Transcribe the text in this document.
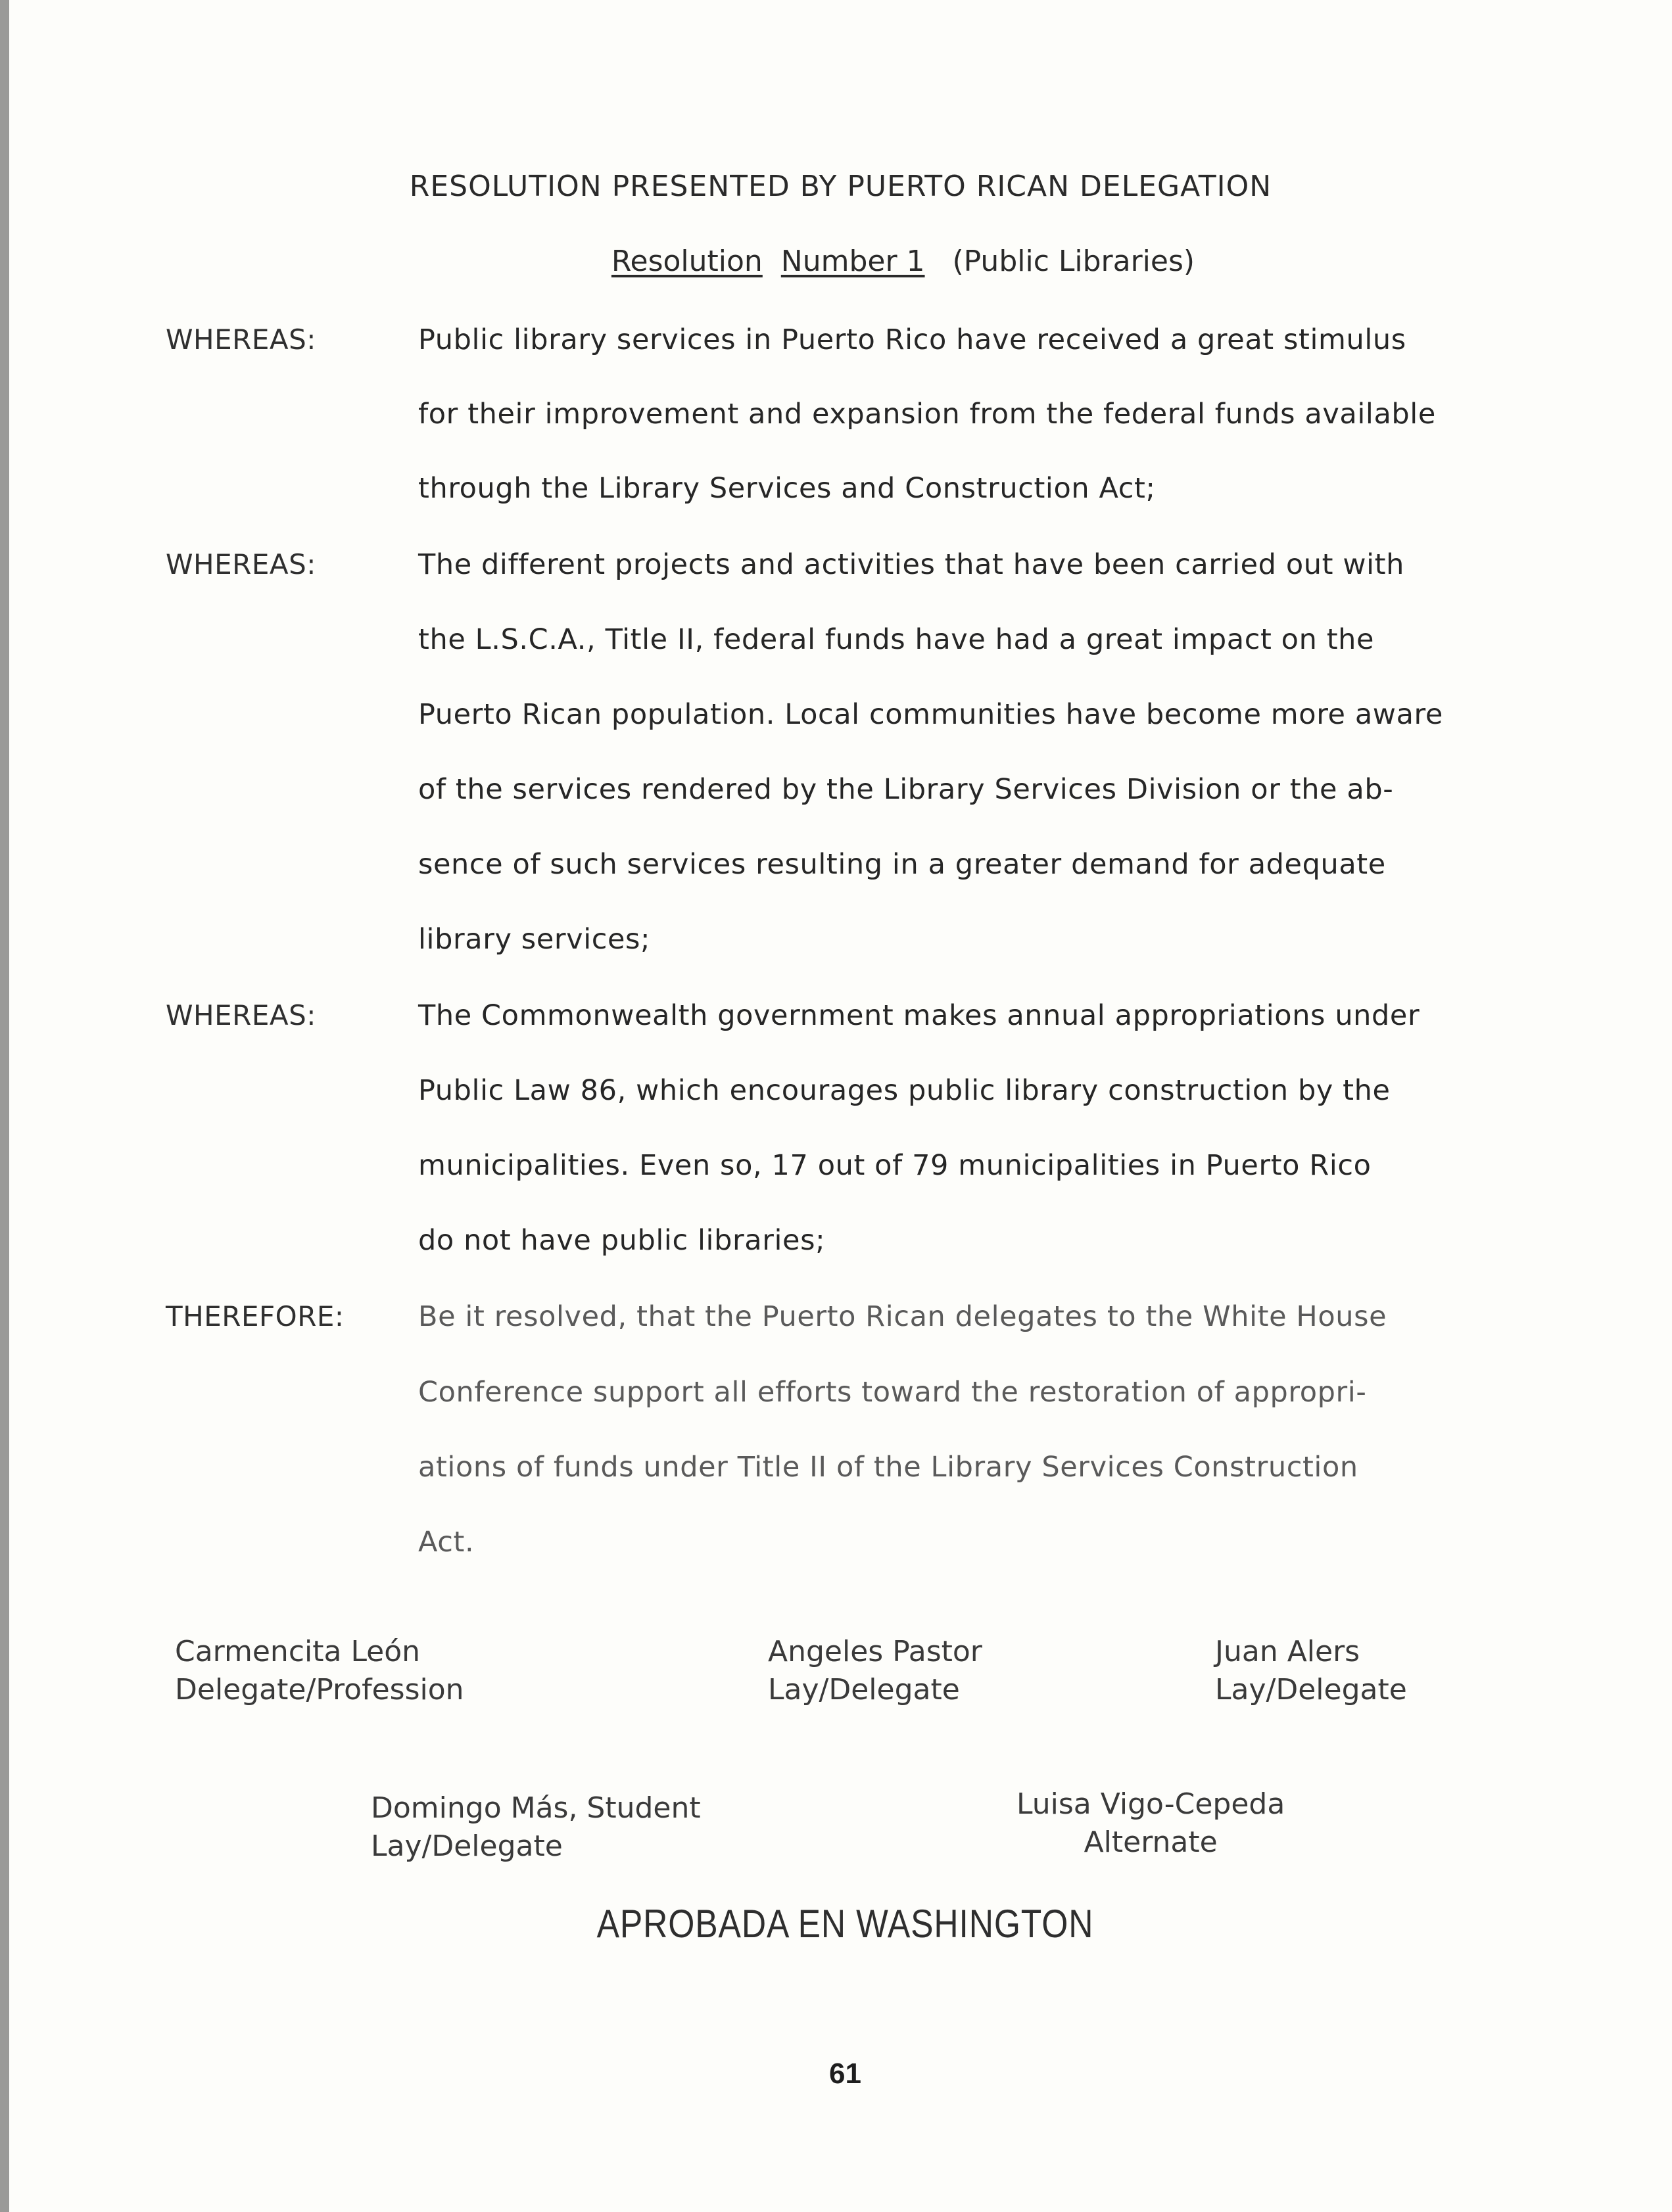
RESOLUTION PRESENTED BY PUERTO RICAN DELEGATION
Resolution Number 1 (Public Libraries)
WHEREAS:	Public library services in Puerto Rico have received a great stimulus
for their improvement and expansion from the federal funds available
through the Library Services and Construction Act;
WHEREAS:	The different projects and activities that have been carried out with
the L.S.C.A., Title II, federal funds have had a great impact on the
Puerto Rican population. Local communities have become more aware
of the services rendered by the Library Services Division or the ab-
sence of such services resulting in a greater demand for adequate
library services;
WHEREAS:	The Commonwealth government makes annual appropriations under
Public Law 86, which encourages public library construction by the
municipalities. Even so, 17 out of 79 municipalities in Puerto Rico
do not have public libraries;
THEREFORE:	Be it resolved, that the Puerto Rican delegates to the White House
Conference support all efforts toward the restoration of appropri-
ations of funds under Title II of the Library Services Construction
Act.
Carmencita León
Delegate/Profession
Angeles Pastor
Lay/Delegate
Juan Alers
Lay/Delegate
Domingo Más, Student
Lay/Delegate
Luisa Vigo-Cepeda
Alternate
APROBADA EN WASHINGTON
61
